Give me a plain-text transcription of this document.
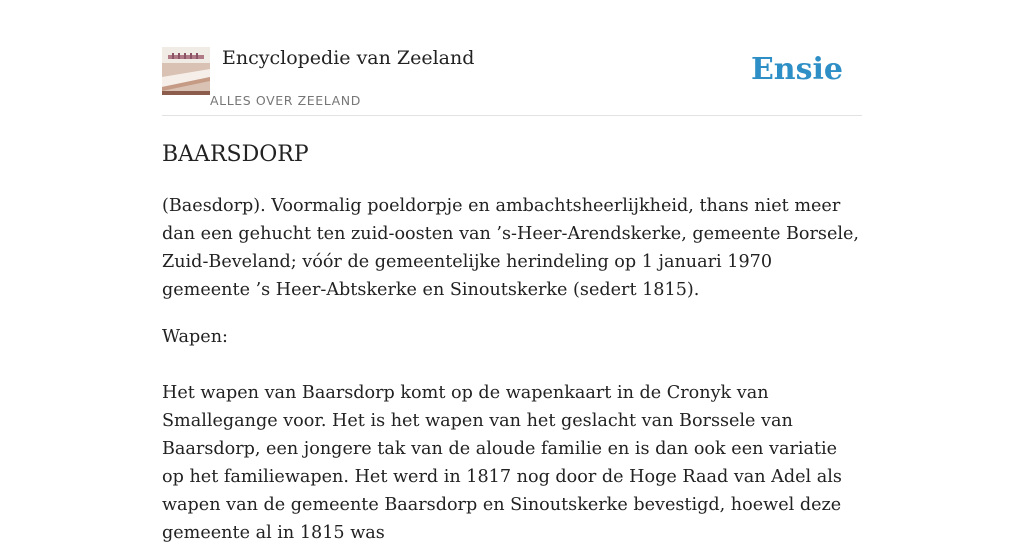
Encyclopedie van Zeeland
ALLES OVER ZEELAND
Ensie
BAARSDORP

(Baesdorp). Voormalig poeldorpje en ambachtsheerlijkheid, thans niet meer dan een gehucht ten zuid-oosten van ’s-Heer-Arendskerke, gemeente Borsele, Zuid-Beveland; vóór de gemeentelijke herindeling op 1 januari 1970 gemeente ’s Heer-Abtskerke en Sinoutskerke (sedert 1815).

Wapen:

Het wapen van Baarsdorp komt op de wapenkaart in de Cronyk van Smallegange voor. Het is het wapen van het geslacht van Borssele van Baarsdorp, een jongere tak van de aloude familie en is dan ook een variatie op het familiewapen. Het werd in 1817 nog door de Hoge Raad van Adel als wapen van de gemeente Baarsdorp en Sinoutskerke bevestigd, hoewel deze gemeente al in 1815 was
